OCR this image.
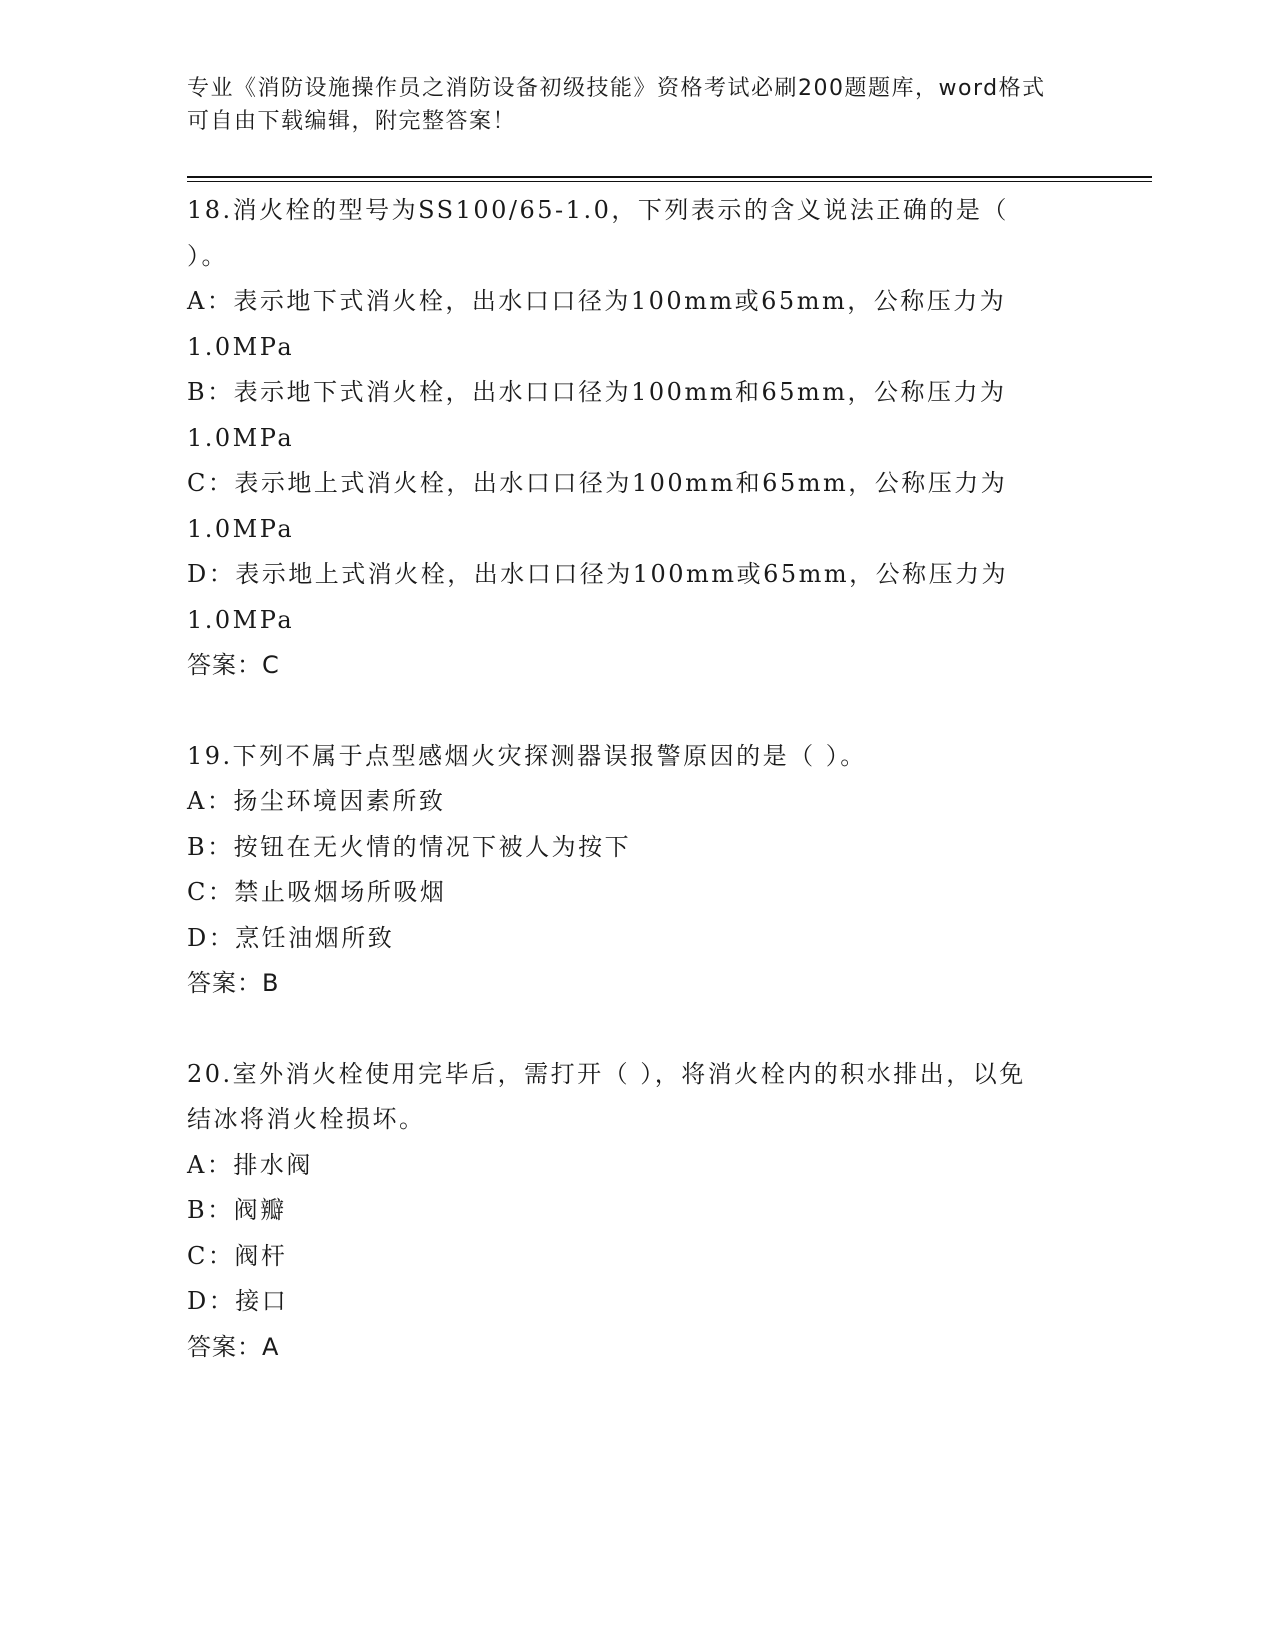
专业《消防设施操作员之消防设备初级技能》资格考试必刷200题题库，word格式可自由下载编辑，附完整答案！
18.消火栓的型号为SS100/65-1.0，下列表示的含义说法正确的是（ ）。
A：表示地下式消火栓，出水口口径为100mm或65mm，公称压力为1.0MPa
B：表示地下式消火栓，出水口口径为100mm和65mm，公称压力为1.0MPa
C：表示地上式消火栓，出水口口径为100mm和65mm，公称压力为1.0MPa
D：表示地上式消火栓，出水口口径为100mm或65mm，公称压力为1.0MPa
答案：C
19.下列不属于点型感烟火灾探测器误报警原因的是（ ）。
A：扬尘环境因素所致
B：按钮在无火情的情况下被人为按下
C：禁止吸烟场所吸烟
D：烹饪油烟所致
答案：B
20.室外消火栓使用完毕后，需打开（ ），将消火栓内的积水排出，以免结冰将消火栓损坏。
A：排水阀
B：阀瓣
C：阀杆
D：接口
答案：A
